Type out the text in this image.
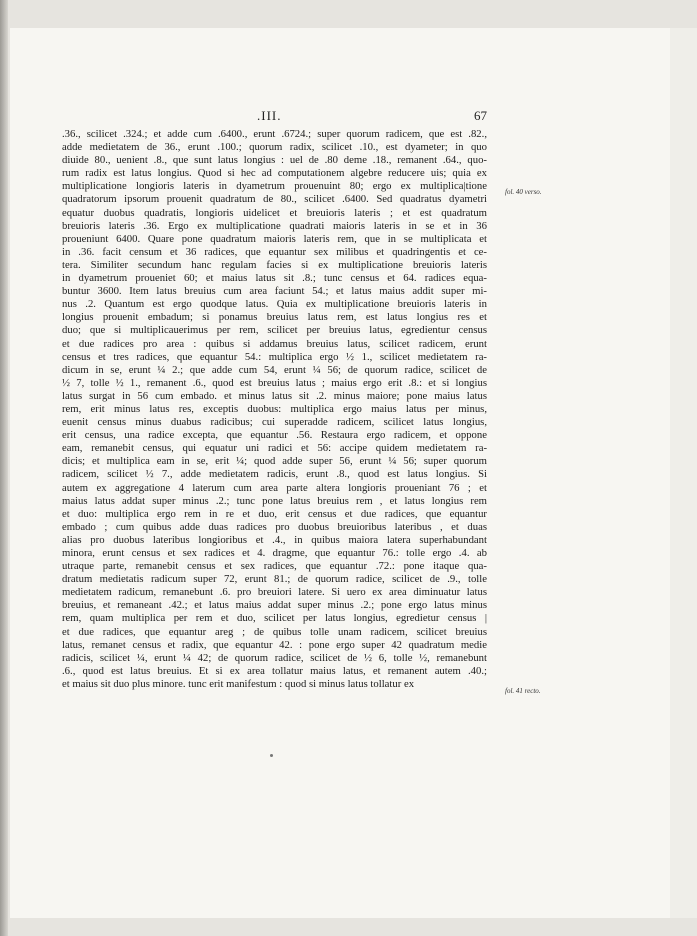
.III.	67
.36., scilicet .324.; et adde cum .6400., erunt .6724.; super quorum radicem, que est .82.,
adde medietatem de 36., erunt .100.; quorum radix, scilicet .10., est dyameter; in quo
diuide 80., uenient .8., que sunt latus longius : uel de .80 deme .18., remanent .64., quo-
rum radix est latus longius. Quod si hec ad computationem algebre reducere uis; quia ex
multiplicatione longioris lateris in dyametrum prouenuint 80; ergo ex multiplica|tione
quadratorum ipsorum prouenit quadratum de 80., scilicet .6400. Sed quadratus dyametri
equatur duobus quadratis, longioris uidelicet et breuioris lateris ; et est quadratum
breuioris lateris .36. Ergo ex multiplicatione quadrati maioris lateris in se et in 36
proueniunt 6400. Quare pone quadratum maioris lateris rem, que in se multiplicata et
in .36. facit censum et 36 radices, que equantur sex milibus et quadringentis et ce-
tera. Similiter secundum hanc regulam facies si ex multiplicatione breuioris lateris
in dyametrum proueniet 60; et maius latus sit .8.; tunc census et 64. radices equa-
buntur 3600. Item latus breuius cum area faciunt 54.; et latus maius addit super mi-
nus .2. Quantum est ergo quodque latus. Quia ex multiplicatione breuioris lateris in
longius prouenit embadum; si ponamus breuius latus rem, est latus longius res et
duo; que si multiplicauerimus per rem, scilicet per breuius latus, egredientur census
et due radices pro area : quibus si addamus breuius latus, scilicet radicem, erunt
census et tres radices, que equantur 54.: multiplica ergo ½ 1., scilicet medietatem ra-
dicum in se, erunt ¼ 2.; que adde cum 54, erunt ¼ 56; de quorum radice, scilicet de
½ 7, tolle ½ 1., remanent .6., quod est breuius latus ; maius ergo erit .8.: et si longius
latus surgat in 56 cum embado. et minus latus sit .2. minus maiore; pone maius latus
rem, erit minus latus res, exceptis duobus: multiplica ergo maius latus per minus,
euenit census minus duabus radicibus; cui superadde radicem, scilicet latus longius,
erit census, una radice excepta, que equantur .56. Restaura ergo radicem, et oppone
eam, remanebit census, qui equatur uni radici et 56: accipe quidem medietatem ra-
dicis; et multiplica eam in se, erit ¼; quod adde super 56, erunt ¼ 56; super quorum
radicem, scilicet ½ 7., adde medietatem radicis, erunt .8., quod est latus longius. Si
autem ex aggregatione 4 laterum cum area parte altera longioris proueniant 76 ; et
maius latus addat super minus .2.; tunc pone latus breuius rem , et latus longius rem
et duo: multiplica ergo rem in re et duo, erit census et due radices, que equantur
embado ; cum quibus adde duas radices pro duobus breuioribus lateribus , et duas
alias pro duobus lateribus longioribus et .4., in quibus maiora latera superhabundant
minora, erunt census et sex radices et 4. dragme, que equantur 76.: tolle ergo .4. ab
utraque parte, remanebit census et sex radices, que equantur .72.: pone itaque qua-
dratum medietatis radicum super 72, erunt 81.; de quorum radice, scilicet de .9., tolle
medietatem radicum, remanebunt .6. pro breuiori latere. Si uero ex area diminuatur latus
breuius, et remaneant .42.; et latus maius addat super minus .2.; pone ergo latus minus
rem, quam multiplica per rem et duo, scilicet per latus longius, egredietur census |
et due radices, que equantur areg ; de quibus tolle unam radicem, scilicet breuius
latus, remanet census et radix, que equantur 42. : pone ergo super 42 quadratum medie
radicis, scilicet ¼, erunt ¼ 42; de quorum radice, scilicet de ½ 6, tolle ½, remanebunt
.6., quod est latus breuius. Et si ex area tollatur maius latus, et remanent autem .40.;
et maius sit duo plus minore. tunc erit manifestum : quod si minus latus tollatur ex
fol. 40 verso.
fol. 41 recto.
